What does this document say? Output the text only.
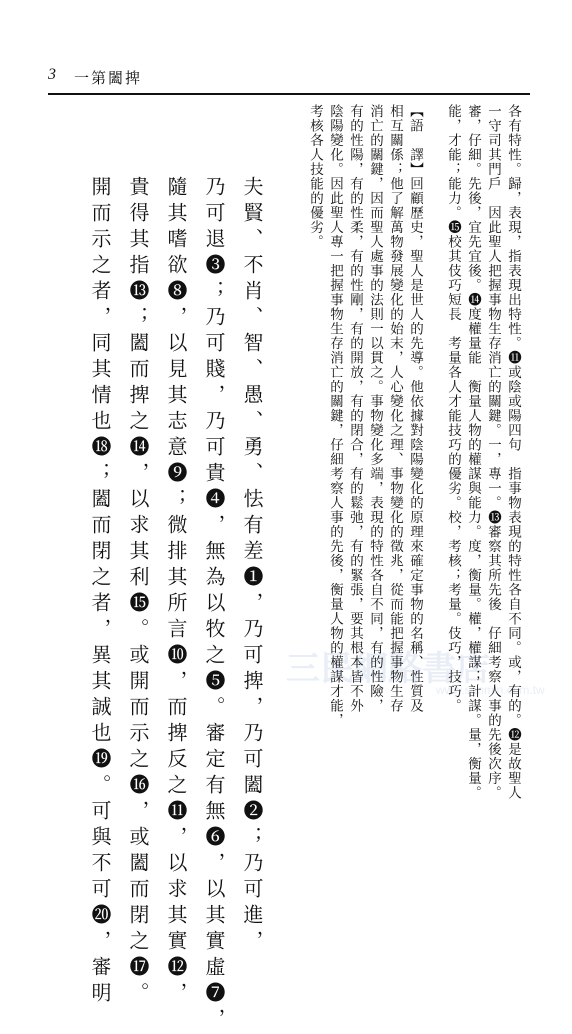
3 一第闔捭
各有特性。歸，表現，指表現出特性。⓫或陰或陽四句　指事物表現的特性各自不同。或，有的。⓬是故聖人
一守司其門戶　因此聖人把握事物生存消亡的關鍵。一，專一。⓭審察其所先後　仔細考察人事的先後次序。
審，仔細。先後，宜先宜後。⓮度權量能　衡量人物的權謀與能力。度，衡量。權，權謀；計謀。量，衡量。
能，才能；能力。⓯校其伎巧短長　考量各人才能技巧的優劣。校，考核；考量。伎巧，技巧。
【語　譯】回顧歷史，聖人是世人的先導。他依據對陰陽變化的原理來確定事物的名稱、性質及
相互關係；他了解萬物發展變化的始末，人心變化之理、事物變化的徵兆，從而能把握事物生存
消亡的關鍵，因而聖人處事的法則一以貫之。事物變化多端，表現的特性各自不同，有的性險，
有的性陽，有的性柔，有的性剛，有的開放，有的閉合，有的鬆弛，有的緊張，要其根本皆不外
陰陽變化。因此聖人專一把握事物生存消亡的關鍵，仔細考察人事的先後，衡量人物的權謀才能，
考核各人技能的優劣。
夫賢、不肖、智、愚、勇、怯有差❶，乃可捭，乃可闔❷；乃可進，
乃可退❸；乃可賤，乃可貴❹，無為以牧之❺。審定有無❻，以其實虛❼，
隨其嗜欲❽，以見其志意❾；微排其所言❿，而捭反之⓫，以求其實⓬，
貴得其指⓭；闔而捭之⓮，以求其利⓯。或開而示之⓰，或闔而閉之⓱。
開而示之者，同其情也⓲；闔而閉之者，異其誠也⓳。可與不可⓴，審明	三民網路書店
www.sanmin.com.tw
